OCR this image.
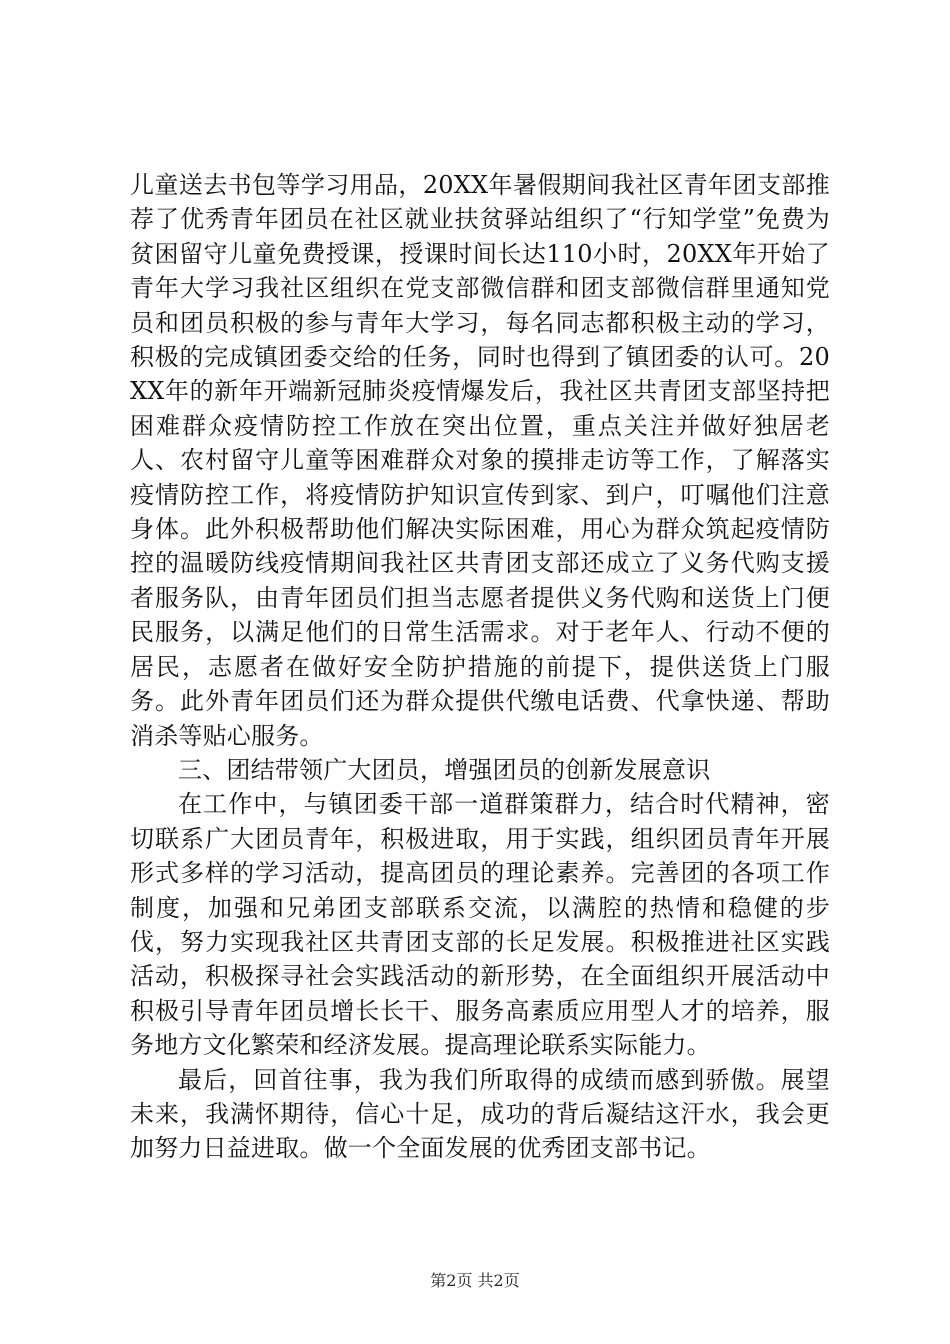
儿童送去书包等学习用品，20XX年暑假期间我社区青年团支部推荐了优秀青年团员在社区就业扶贫驿站组织了“行知学堂”免费为贫困留守儿童免费授课，授课时间长达110小时，20XX年开始了青年大学习我社区组织在党支部微信群和团支部微信群里通知党员和团员积极的参与青年大学习，每名同志都积极主动的学习，积极的完成镇团委交给的任务，同时也得到了镇团委的认可。20XX年的新年开端新冠肺炎疫情爆发后，我社区共青团支部坚持把困难群众疫情防控工作放在突出位置，重点关注并做好独居老人、农村留守儿童等困难群众对象的摸排走访等工作，了解落实疫情防控工作，将疫情防护知识宣传到家、到户，叮嘱他们注意身体。此外积极帮助他们解决实际困难，用心为群众筑起疫情防控的温暖防线疫情期间我社区共青团支部还成立了义务代购支援者服务队，由青年团员们担当志愿者提供义务代购和送货上门便民服务，以满足他们的日常生活需求。对于老年人、行动不便的居民，志愿者在做好安全防护措施的前提下，提供送货上门服务。此外青年团员们还为群众提供代缴电话费、代拿快递、帮助消杀等贴心服务。

三、团结带领广大团员，增强团员的创新发展意识

在工作中，与镇团委干部一道群策群力，结合时代精神，密切联系广大团员青年，积极进取，用于实践，组织团员青年开展形式多样的学习活动，提高团员的理论素养。完善团的各项工作制度，加强和兄弟团支部联系交流，以满腔的热情和稳健的步伐，努力实现我社区共青团支部的长足发展。积极推进社区实践活动，积极探寻社会实践活动的新形势，在全面组织开展活动中积极引导青年团员增长长干、服务高素质应用型人才的培养，服务地方文化繁荣和经济发展。提高理论联系实际能力。

最后，回首往事，我为我们所取得的成绩而感到骄傲。展望未来，我满怀期待，信心十足，成功的背后凝结这汗水，我会更加努力日益进取。做一个全面发展的优秀团支部书记。

第2页 共2页
